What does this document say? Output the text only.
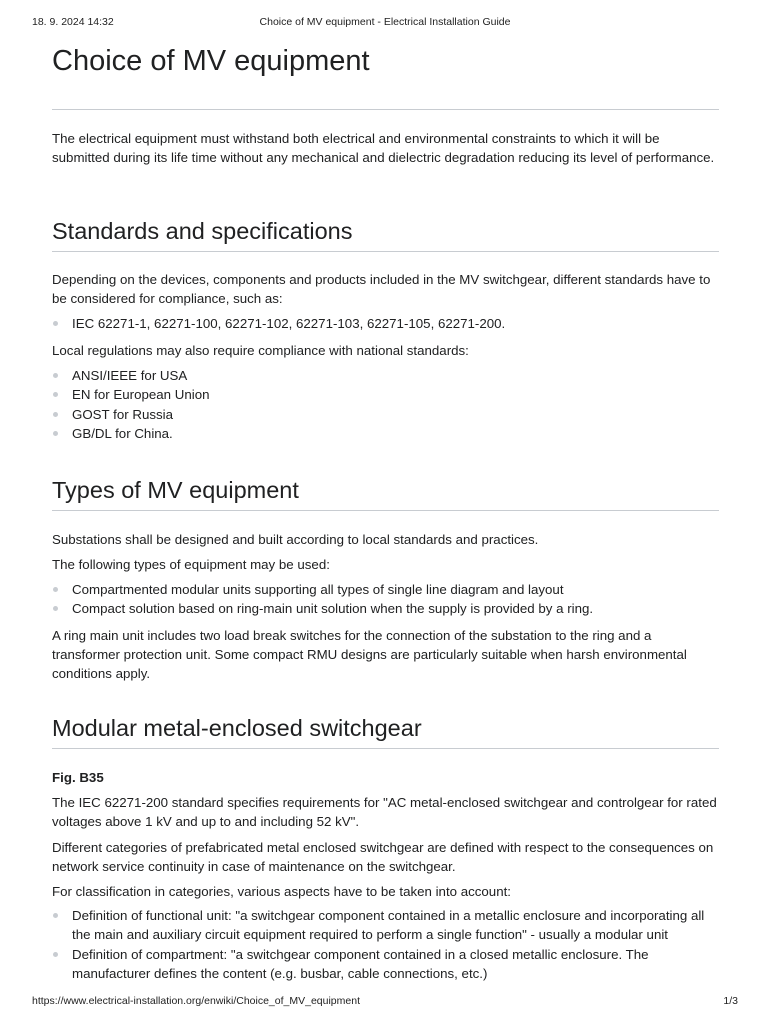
18. 9. 2024 14:32	Choice of MV equipment - Electrical Installation Guide
Choice of MV equipment

The electrical equipment must withstand both electrical and environmental constraints to which it will be submitted during its life time without any mechanical and dielectric degradation reducing its level of performance.

Standards and specifications

Depending on the devices, components and products included in the MV switchgear, different standards have to be considered for compliance, such as:

IEC 62271-1, 62271-100, 62271-102, 62271-103, 62271-105, 62271-200.

Local regulations may also require compliance with national standards:

ANSI/IEEE for USA
EN for European Union
GOST for Russia
GB/DL for China.
Types of MV equipment

Substations shall be designed and built according to local standards and practices.

The following types of equipment may be used:

Compartmented modular units supporting all types of single line diagram and layout
Compact solution based on ring-main unit solution when the supply is provided by a ring.

A ring main unit includes two load break switches for the connection of the substation to the ring and a transformer protection unit. Some compact RMU designs are particularly suitable when harsh environmental conditions apply.

Modular metal-enclosed switchgear

Fig. B35

The IEC 62271-200 standard specifies requirements for "AC metal-enclosed switchgear and controlgear for rated voltages above 1 kV and up to and including 52 kV".

Different categories of prefabricated metal enclosed switchgear are defined with respect to the consequences on network service continuity in case of maintenance on the switchgear.

For classification in categories, various aspects have to be taken into account:

Definition of functional unit: "a switchgear component contained in a metallic enclosure and incorporating all the main and auxiliary circuit equipment required to perform a single function" - usually a modular unit
Definition of compartment: "a switchgear component contained in a closed metallic enclosure. The manufacturer defines the content (e.g. busbar, cable connections, etc.)
https://www.electrical-installation.org/enwiki/Choice_of_MV_equipment	1/3
